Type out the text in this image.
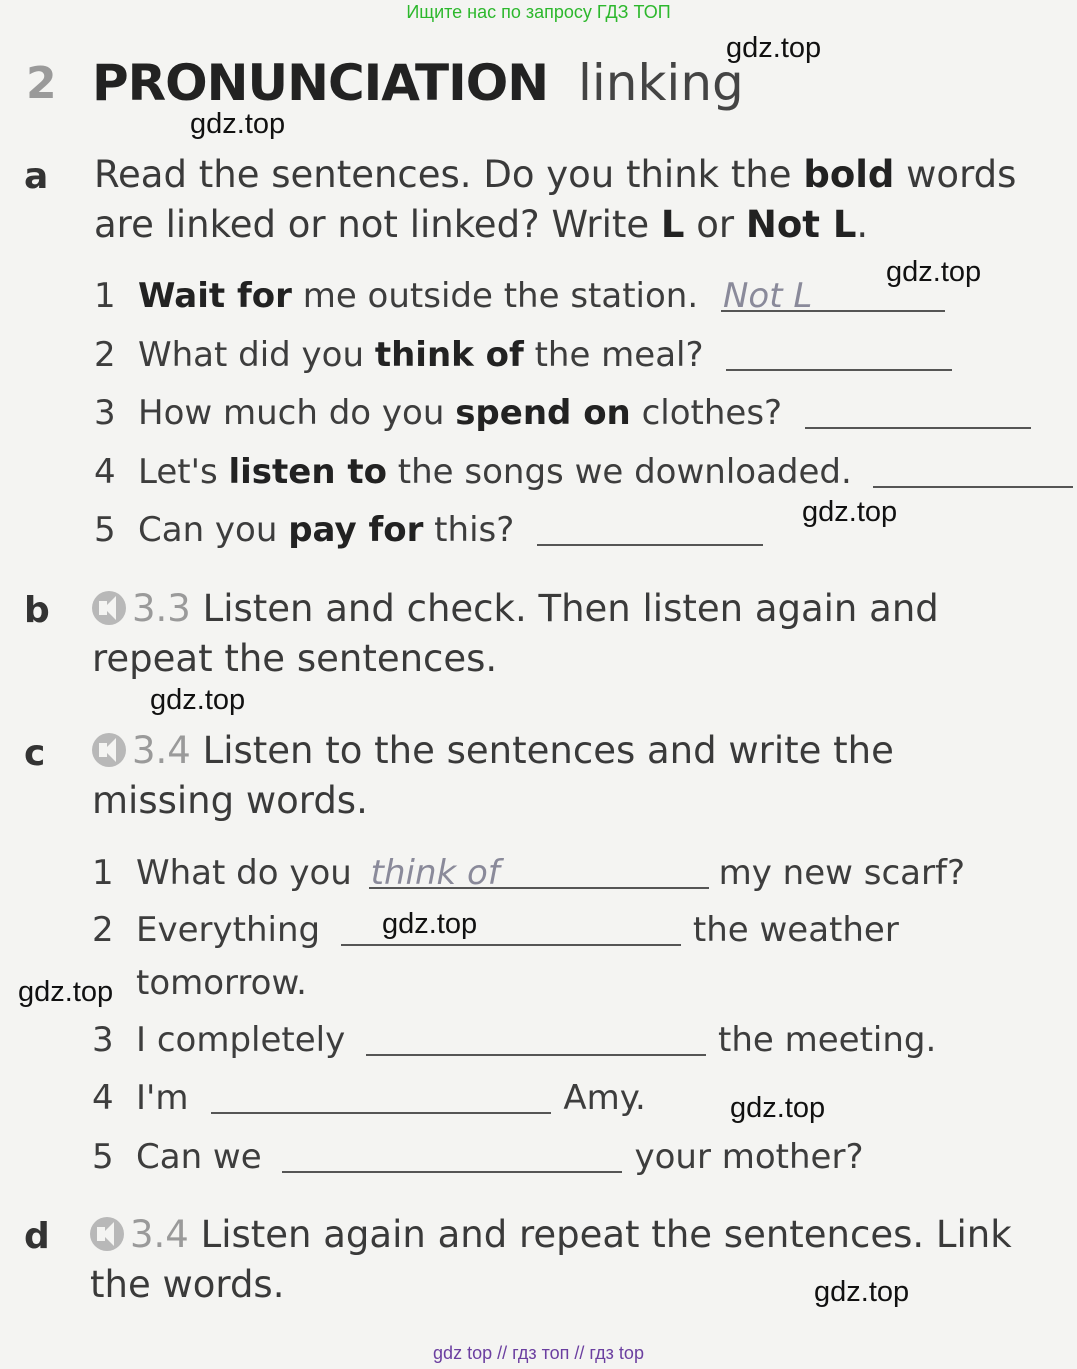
Ищите нас по запросу ГДЗ ТОП
gdz.top
gdz.top
gdz.top
gdz.top
gdz.top
gdz.top
gdz.top
gdz.top
gdz.top
2 PRONUNCIATION linking
a Read the sentences. Do you think the bold words
are linked or not linked? Write L or Not L.
1 Wait for me outside the station. Not L
2 What did you think of the meal?
3 How much do you spend on clothes?
4 Let's listen to the songs we downloaded.
5 Can you pay for this?
b	3.3 Listen and check. Then listen again and
repeat the sentences.
c	3.4 Listen to the sentences and write the
missing words.
1 What do you think of	my new scarf?
2 Everything	the weather
tomorrow.
3 I completely	the meeting.
4 I'm	Amy.
5 Can we	your mother?
d	3.4 Listen again and repeat the sentences. Link
the words.
gdz top // гдз топ // гдз top
